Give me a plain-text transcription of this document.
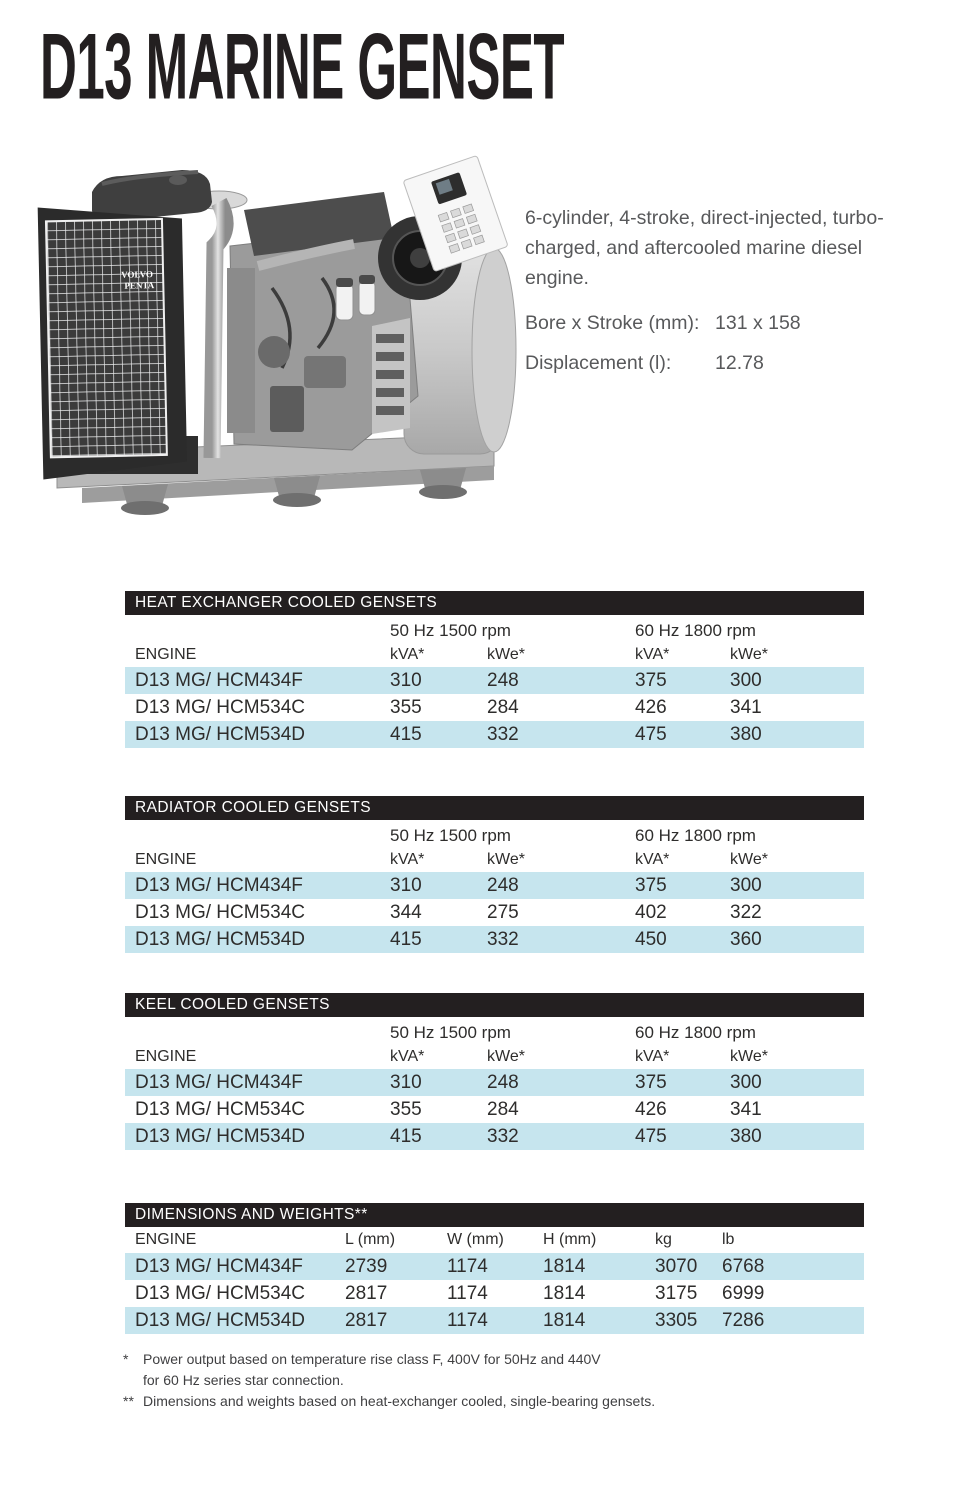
D13 MARINE GENSET
VOLVO
PENTA

6-cylinder, 4-stroke, direct-injected, turbo-charged, and aftercooled marine diesel engine.

Bore x Stroke (mm): 131 x 158
Displacement (l):	12.78
HEAT EXCHANGER COOLED GENSETS
50 Hz 1500 rpm	60 Hz 1800 rpm
ENGINE	kVA*	kWe*	kVA*	kWe*
D13 MG/ HCM434F	310	248	375	300
D13 MG/ HCM534C	355	284	426	341
D13 MG/ HCM534D	415	332	475	380
RADIATOR COOLED GENSETS
50 Hz 1500 rpm	60 Hz 1800 rpm
ENGINE	kVA*	kWe*	kVA*	kWe*
D13 MG/ HCM434F	310	248	375	300
D13 MG/ HCM534C	344	275	402	322
D13 MG/ HCM534D	415	332	450	360
KEEL COOLED GENSETS
50 Hz 1500 rpm	60 Hz 1800 rpm
ENGINE	kVA*	kWe*	kVA*	kWe*
D13 MG/ HCM434F	310	248	375	300
D13 MG/ HCM534C	355	284	426	341
D13 MG/ HCM534D	415	332	475	380
DIMENSIONS AND WEIGHTS**
ENGINE	L (mm)	W (mm) H (mm)	kg	lb
D13 MG/ HCM434F 2739	1174	1814	3070 6768
D13 MG/ HCM534C 2817	1174	1814	3175 6999
D13 MG/ HCM534D 2817	1174	1814	3305 7286
*	Power output based on temperature rise class F, 400V for 50Hz and 440V
for 60 Hz series star connection.
** Dimensions and weights based on heat-exchanger cooled, single-bearing gensets.
